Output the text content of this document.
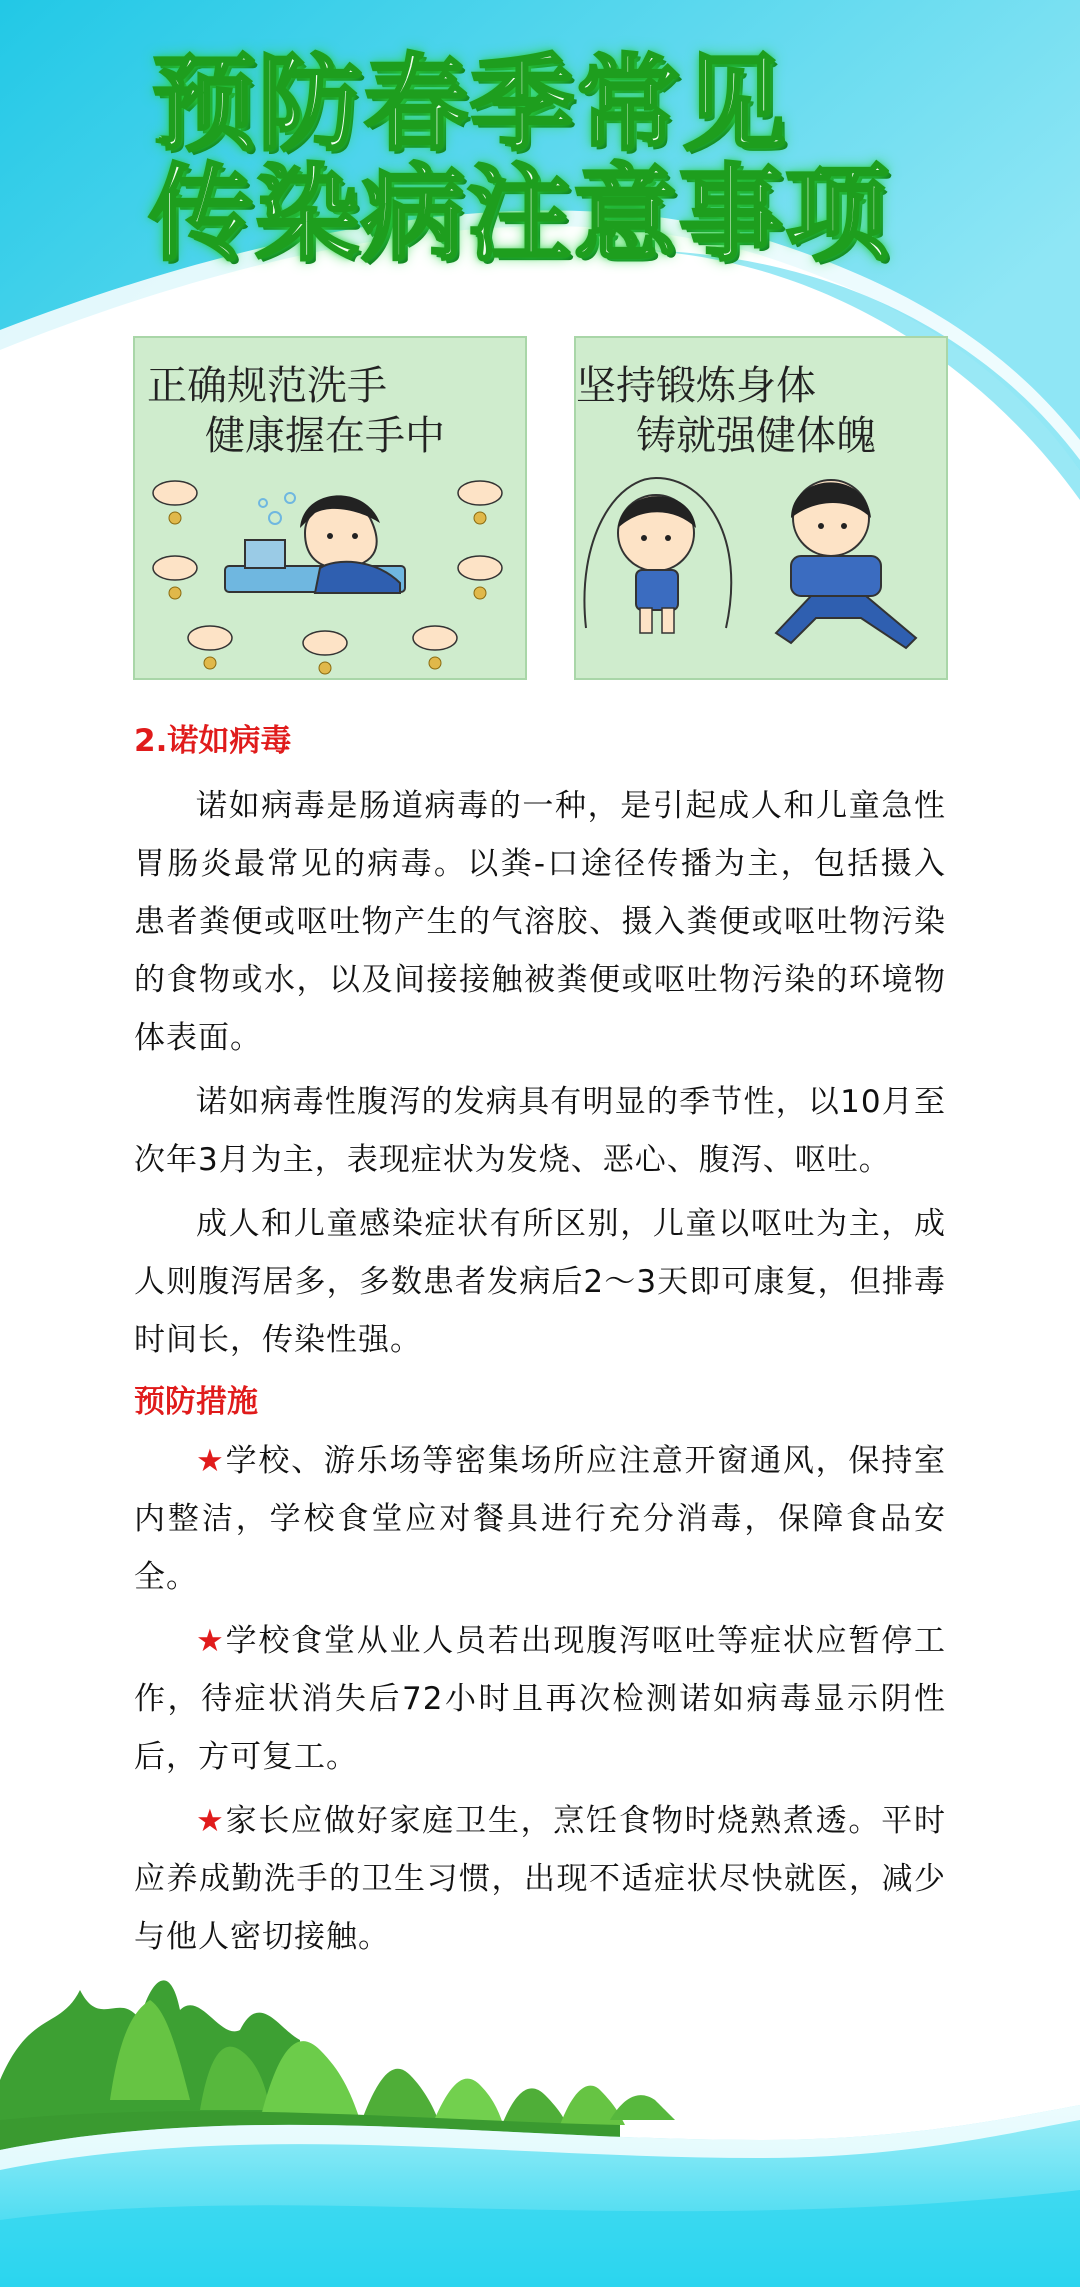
预防春季常见
传染病注意事项
正确规范洗手
健康握在手中
坚持锻炼身体
铸就强健体魄

2.诺如病毒

诺如病毒是肠道病毒的一种，是引起成人和儿童急性胃肠炎最常见的病毒。以粪-口途径传播为主，包括摄入患者粪便或呕吐物产生的气溶胶、摄入粪便或呕吐物污染的食物或水，以及间接接触被粪便或呕吐物污染的环境物体表面。

诺如病毒性腹泻的发病具有明显的季节性，以10月至次年3月为主，表现症状为发烧、恶心、腹泻、呕吐。

成人和儿童感染症状有所区别，儿童以呕吐为主，成人则腹泻居多，多数患者发病后2～3天即可康复，但排毒时间长，传染性强。

预防措施

★学校、游乐场等密集场所应注意开窗通风，保持室内整洁，学校食堂应对餐具进行充分消毒，保障食品安全。

★学校食堂从业人员若出现腹泻呕吐等症状应暂停工作，待症状消失后72小时且再次检测诺如病毒显示阴性后，方可复工。

★家长应做好家庭卫生，烹饪食物时烧熟煮透。平时应养成勤洗手的卫生习惯，出现不适症状尽快就医，减少与他人密切接触。
